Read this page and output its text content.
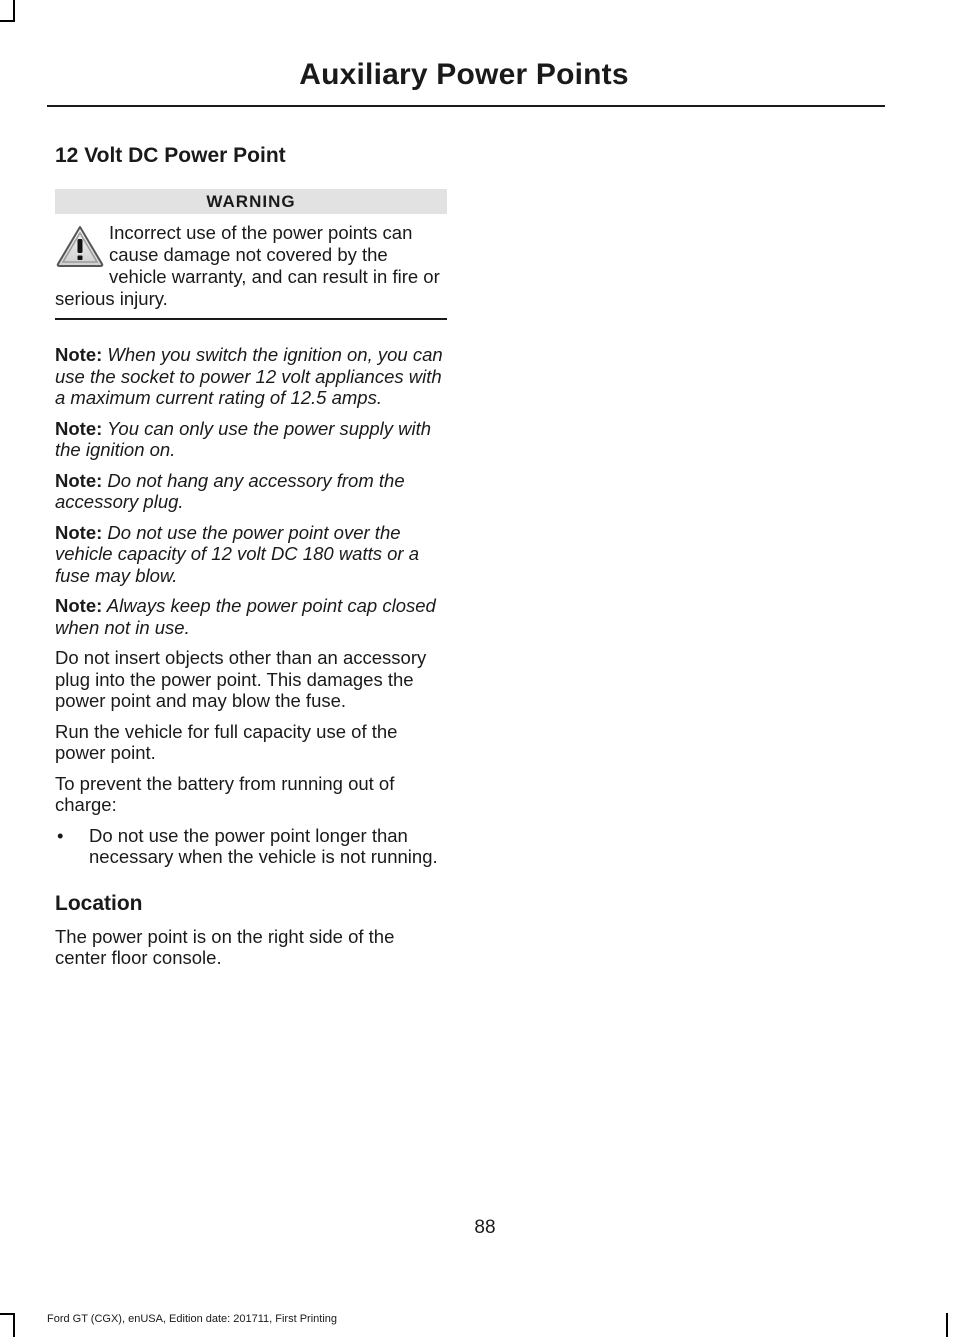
Auxiliary Power Points
12 Volt DC Power Point
WARNING
Incorrect use of the power points can cause damage not covered by the vehicle warranty, and can result in fire or serious injury.

Note: When you switch the ignition on, you can use the socket to power 12 volt appliances with a maximum current rating of 12.5 amps.

Note: You can only use the power supply with the ignition on.

Note: Do not hang any accessory from the accessory plug.

Note: Do not use the power point over the vehicle capacity of 12 volt DC 180 watts or a fuse may blow.

Note: Always keep the power point cap closed when not in use.

Do not insert objects other than an accessory plug into the power point. This damages the power point and may blow the fuse.

Run the vehicle for full capacity use of the power point.

To prevent the battery from running out of charge:

• Do not use the power point longer than necessary when the vehicle is not running.
Location

The power point is on the right side of the center floor console.

88
Ford GT (CGX), enUSA, Edition date: 201711, First Printing
